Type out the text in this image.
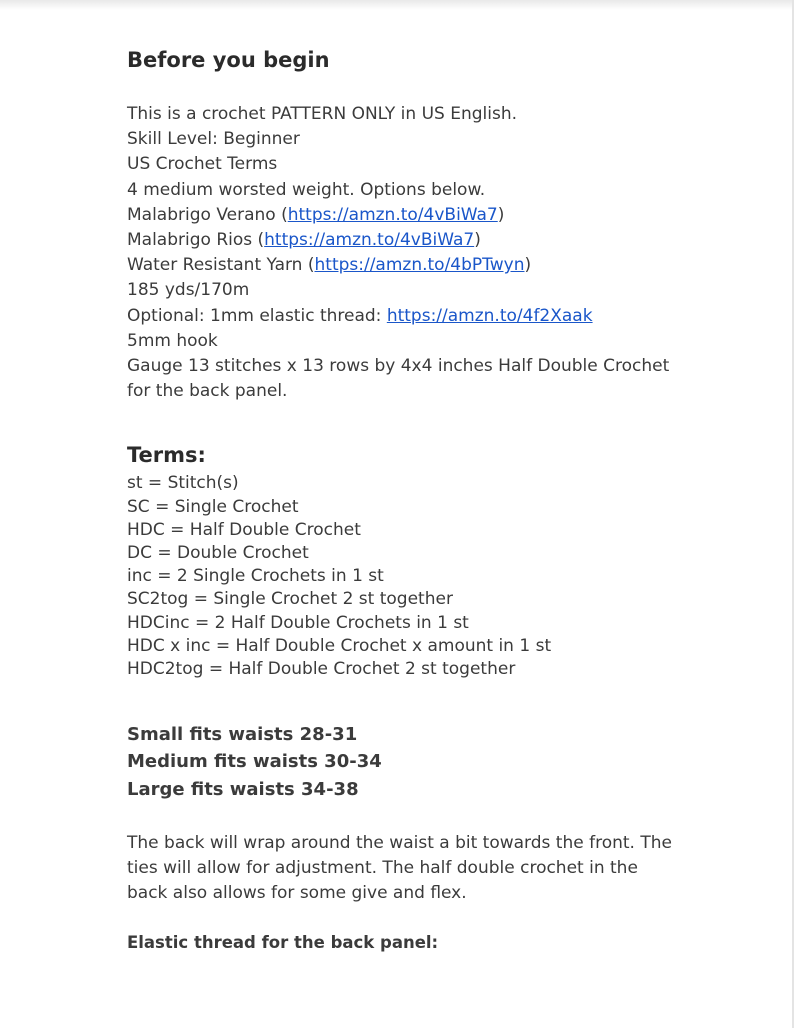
Before you begin
This is a crochet PATTERN ONLY in US English.
Skill Level: Beginner
US Crochet Terms
4 medium worsted weight. Options below.
Malabrigo Verano (https://amzn.to/4vBiWa7)
Malabrigo Rios (https://amzn.to/4vBiWa7)
Water Resistant Yarn (https://amzn.to/4bPTwyn)
185 yds/170m
Optional: 1mm elastic thread: https://amzn.to/4f2Xaak
5mm hook
Gauge 13 stitches x 13 rows by 4x4 inches Half Double Crochet for the back panel.
Terms:
st = Stitch(s)
SC = Single Crochet
HDC = Half Double Crochet
DC = Double Crochet
inc = 2 Single Crochets in 1 st
SC2tog = Single Crochet 2 st together
HDCinc = 2 Half Double Crochets in 1 st
HDC x inc = Half Double Crochet x amount in 1 st
HDC2tog = Half Double Crochet 2 st together
Small fits waists 28-31
Medium fits waists 30-34
Large fits waists 34-38
The back will wrap around the waist a bit towards the front. The ties will allow for adjustment. The half double crochet in the back also allows for some give and flex.
Elastic thread for the back panel:
